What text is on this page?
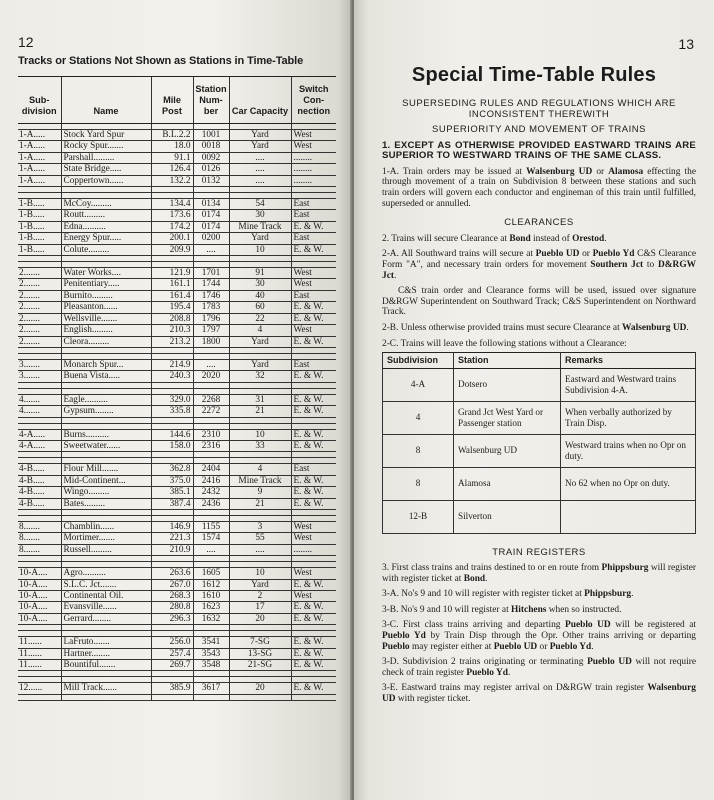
12
Tracks or Stations Not Shown as Stations in Time-Table
Sub-division	Name	Mile Post	Station Num-ber	Car Capacity	Switch Con-nection

1-A.....	Stock Yard Spur	B.L.2.2	1001	Yard	West
1-A.....	Rocky Spur.......	18.0	0018	Yard	West
1-A.....	Parshall.........	91.1	0092	....	........
1-A.....	State Bridge.....	126.4	0126	....	........
1-A.....	Coppertown......	132.2	0132	....	........

1-B.....	McCoy.........	134.4	0134	54	East
1-B.....	Routt.........	173.6	0174	30	East
1-B.....	Edna..........	174.2	0174	Mine Track	E. & W.
1-B.....	Energy Spur.....	200.1	0200	Yard	East
1-B.....	Colute.........	209.9	....	10	E. & W.

2.......	Water Works....	121.9	1701	91	West
2.......	Penitentiary.....	161.1	1744	30	West
2.......	Burnito.........	161.4	1746	40	East
2.......	Pleasanton......	195.4	1783	60	E. & W.
2.......	Wellsville.......	208.8	1796	22	E. & W.
2.......	English.........	210.3	1797	4	West
2.......	Cleora.........	213.2	1800	Yard	E. & W.

3.......	Monarch Spur...	214.9	....	Yard	East
3.......	Buena Vista.....	240.3	2020	32	E. & W.

4.......	Eagle..........	329.0	2268	31	E. & W.
4.......	Gypsum........	335.8	2272	21	E. & W.

4-A.....	Burns..........	144.6	2310	10	E. & W.
4-A.....	Sweetwater......	158.0	2316	33	E. & W.

4-B.....	Flour Mill.......	362.8	2404	4	East
4-B.....	Mid-Continent...	375.0	2416	Mine Track	E. & W.
4-B.....	Wingo.........	385.1	2432	9	E. & W.
4-B.....	Bates.........	387.4	2436	21	E. & W.

8.......	Chamblin......	146.9	1155	3	West
8.......	Mortimer.......	221.3	1574	55	West
8.......	Russell.........	210.9	....	....	........

10-A....	Agro..........	263.6	1605	10	West
10-A....	S.L.C. Jct.......	267.0	1612	Yard	E. & W.
10-A....	Continental Oil.	268.3	1610	2	West
10-A....	Evansville......	280.8	1623	17	E. & W.
10-A....	Gerrard........	296.3	1632	20	E. & W.

11......	LaFruto.......	256.0	3541	7-SG	E. & W.
11......	Hartner........	257.4	3543	13-SG	E. & W.
11......	Bountiful.......	269.7	3548	21-SG	E. & W.

12......	Mill Track......	385.9	3617	20	E. & W.

13
Special Time-Table Rules
SUPERSEDING RULES AND REGULATIONS WHICH ARE INCONSISTENT THEREWITH
SUPERIORITY AND MOVEMENT OF TRAINS

1. EXCEPT AS OTHERWISE PROVIDED EASTWARD TRAINS ARE SUPERIOR TO WESTWARD TRAINS OF THE SAME CLASS.

1-A. Train orders may be issued at Walsenburg UD or Alamosa effecting the through movement of a train on Subdivision 8 between these stations and such train orders will govern each conductor and engineman of this train until fulfilled, superseded or annulled.

CLEARANCES

2. Trains will secure Clearance at Bond instead of Orestod.

2-A. All Southward trains will secure at Pueblo UD or Pueblo Yd C&S Clearance Form "A", and necessary train orders for movement Southern Jct to D&RGW Jct.

C&S train order and Clearance forms will be used, issued over signature D&RGW Superintendent on Southward Track; C&S Superintendent on Northward Track.

2-B. Unless otherwise provided trains must secure Clearance at Walsenburg UD.

2-C. Trains will leave the following stations without a Clearance:

Subdivision	Station	Remarks
4-A	Dotsero	Eastward and Westward trains Subdivision 4-A.
4	Grand Jct West Yard or Passenger station	When verbally authorized by Train Disp.
8	Walsenburg UD	Westward trains when no Opr on duty.
8	Alamosa	No 62 when no Opr on duty.
12-B	Silverton	
TRAIN REGISTERS

3. First class trains and trains destined to or en route from Phippsburg will register with register ticket at Bond.

3-A. No's 9 and 10 will register with register ticket at Phippsburg.

3-B. No's 9 and 10 will register at Hitchens when so instructed.

3-C. First class trains arriving and departing Pueblo UD will be registered at Pueblo Yd by Train Disp through the Opr. Other trains arriving or departing Pueblo may register either at Pueblo UD or Pueblo Yd.

3-D. Subdivision 2 trains originating or terminating Pueblo UD will not require check of train register Pueblo Yd.

3-E. Eastward trains may register arrival on D&RGW train register Walsenburg UD with register ticket.
